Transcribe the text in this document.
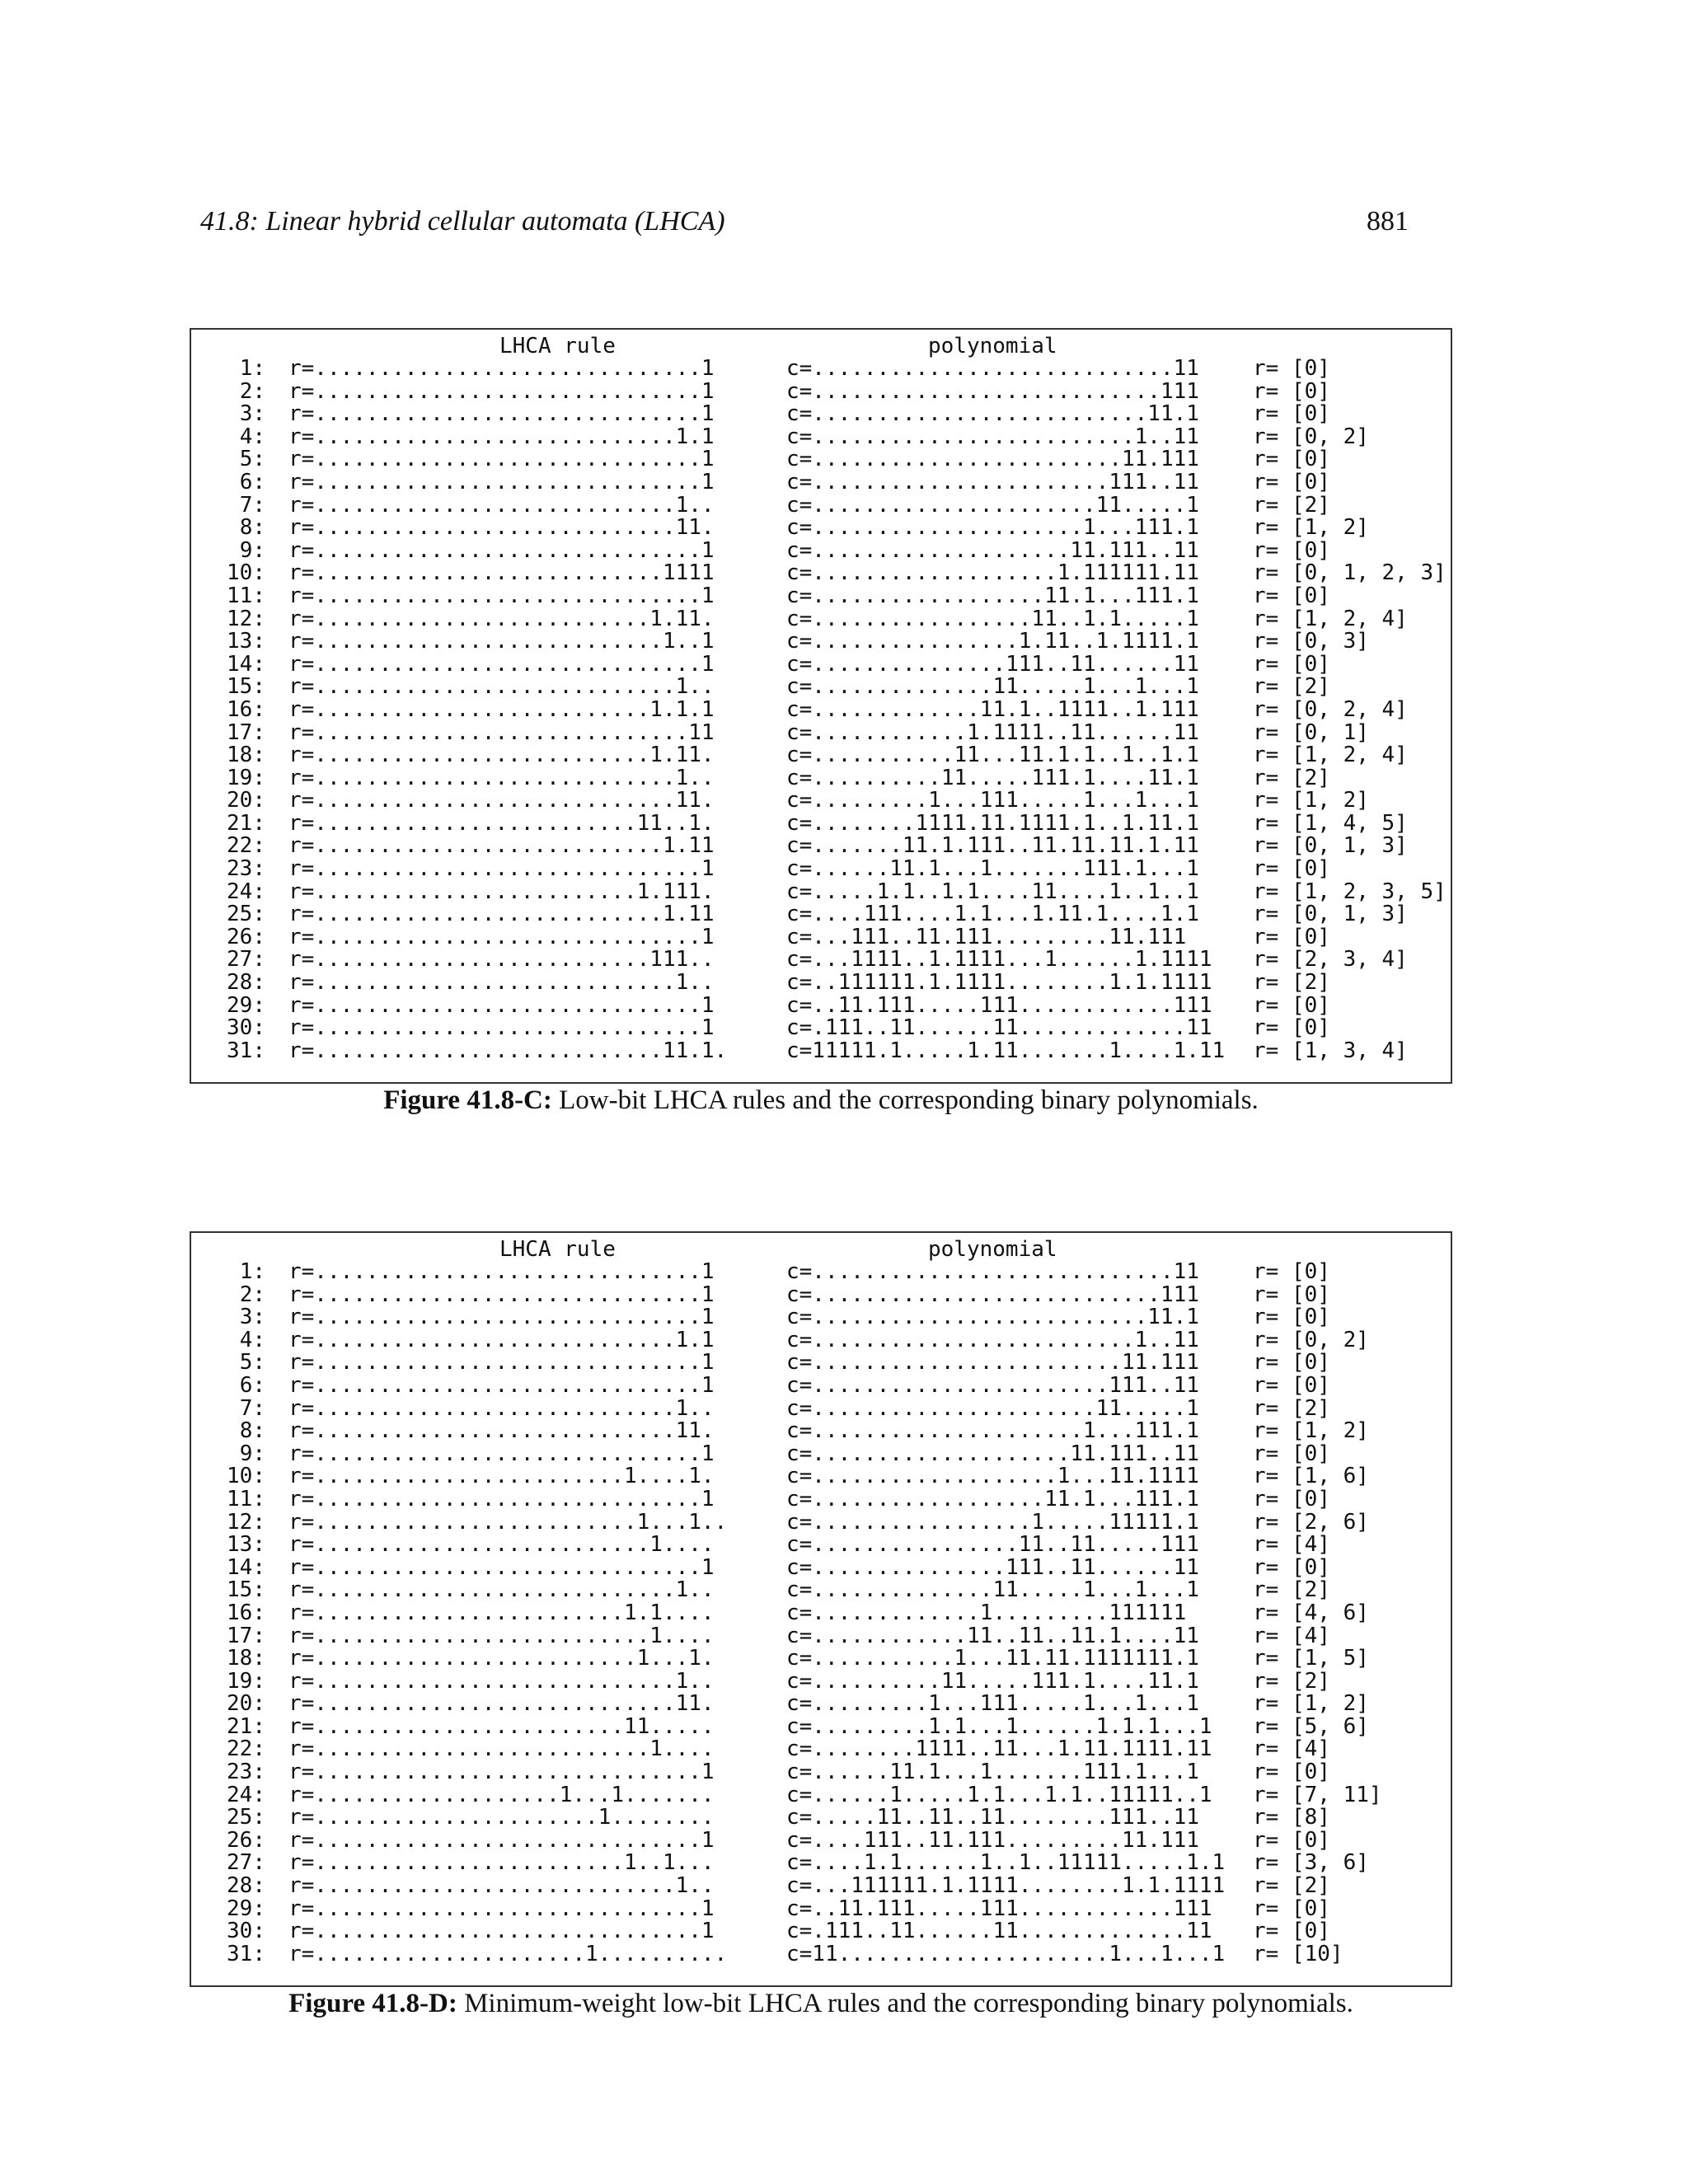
41.8: Linear hybrid cellular automata (LHCA)	881
LHCA rule	polynomial
1: r=..............................1	c=............................11	r= [0]
2: r=..............................1	c=...........................111	r= [0]
3: r=..............................1	c=..........................11.1	r= [0]
4: r=............................1.1	c=.........................1..11	r= [0, 2]
5: r=..............................1	c=........................11.111	r= [0]
6: r=..............................1	c=.......................111..11	r= [0]
7: r=............................1..	c=......................11.....1	r= [2]
8: r=............................11.	c=.....................1...111.1	r= [1, 2]
9: r=..............................1	c=....................11.111..11	r= [0]
10: r=...........................1111	c=...................1.111111.11	r= [0, 1, 2, 3]
11: r=..............................1	c=..................11.1...111.1	r= [0]
12: r=..........................1.11.	c=.................11..1.1.....1	r= [1, 2, 4]
13: r=...........................1..1	c=................1.11..1.1111.1	r= [0, 3]
14: r=..............................1	c=...............111..11......11	r= [0]
15: r=............................1..	c=..............11.....1...1...1	r= [2]
16: r=..........................1.1.1	c=.............11.1..1111..1.111	r= [0, 2, 4]
17: r=.............................11	c=............1.1111..11......11	r= [0, 1]
18: r=..........................1.11.	c=...........11...11.1.1..1..1.1	r= [1, 2, 4]
19: r=............................1..	c=..........11.....111.1....11.1	r= [2]
20: r=............................11.	c=.........1...111.....1...1...1	r= [1, 2]
21: r=.........................11..1.	c=........1111.11.1111.1..1.11.1	r= [1, 4, 5]
22: r=...........................1.11	c=.......11.1.111..11.11.11.1.11	r= [0, 1, 3]
23: r=..............................1	c=......11.1...1.......111.1...1	r= [0]
24: r=.........................1.111.	c=.....1.1..1.1....11....1..1..1	r= [1, 2, 3, 5]
25: r=...........................1.11	c=....111....1.1...1.11.1....1.1	r= [0, 1, 3]
26: r=..............................1	c=...111..11.111.........11.111	r= [0]
27: r=..........................111..	c=...1111..1.1111...1......1.1111 r= [2, 3, 4]
28: r=............................1..	c=..111111.1.1111........1.1.1111 r= [2]
29: r=..............................1	c=..11.111.....111............111 r= [0]
30: r=..............................1	c=.111..11......11.............11 r= [0]
31: r=...........................11.1.	c=11111.1.....1.11.......1....1.11 r= [1, 3, 4]
Figure 41.8-C: Low-bit LHCA rules and the corresponding binary polynomials.
LHCA rule	polynomial
1: r=..............................1	c=............................11	r= [0]
2: r=..............................1	c=...........................111	r= [0]
3: r=..............................1	c=..........................11.1	r= [0]
4: r=............................1.1	c=.........................1..11	r= [0, 2]
5: r=..............................1	c=........................11.111	r= [0]
6: r=..............................1	c=.......................111..11	r= [0]
7: r=............................1..	c=......................11.....1	r= [2]
8: r=............................11.	c=.....................1...111.1	r= [1, 2]
9: r=..............................1	c=....................11.111..11	r= [0]
10: r=........................1....1.	c=...................1...11.1111	r= [1, 6]
11: r=..............................1	c=..................11.1...111.1	r= [0]
12: r=.........................1...1..	c=.................1.....11111.1	r= [2, 6]
13: r=..........................1....	c=................11..11.....111	r= [4]
14: r=..............................1	c=...............111..11......11	r= [0]
15: r=............................1..	c=..............11.....1...1...1	r= [2]
16: r=........................1.1....	c=.............1.........111111	r= [4, 6]
17: r=..........................1....	c=............11..11..11.1....11	r= [4]
18: r=.........................1...1.	c=...........1...11.11.1111111.1	r= [1, 5]
19: r=............................1..	c=..........11.....111.1....11.1	r= [2]
20: r=............................11.	c=.........1...111.....1...1...1	r= [1, 2]
21: r=........................11.....	c=.........1.1...1......1.1.1...1 r= [5, 6]
22: r=..........................1....	c=........1111..11...1.11.1111.11 r= [4]
23: r=..............................1	c=......11.1...1.......111.1...1	r= [0]
24: r=...................1...1.......	c=......1.....1.1...1.1..11111..1 r= [7, 11]
25: r=......................1........	c=.....11..11..11........111..11	r= [8]
26: r=..............................1	c=....111..11.111.........11.111	r= [0]
27: r=........................1..1...	c=....1.1......1..1..11111.....1.1 r= [3, 6]
28: r=............................1..	c=...111111.1.1111........1.1.1111 r= [2]
29: r=..............................1	c=..11.111.....111............111 r= [0]
30: r=..............................1	c=.111..11......11.............11 r= [0]
31: r=.....................1..........	c=11.....................1...1...1 r= [10]
Figure 41.8-D: Minimum-weight low-bit LHCA rules and the corresponding binary polynomials.
